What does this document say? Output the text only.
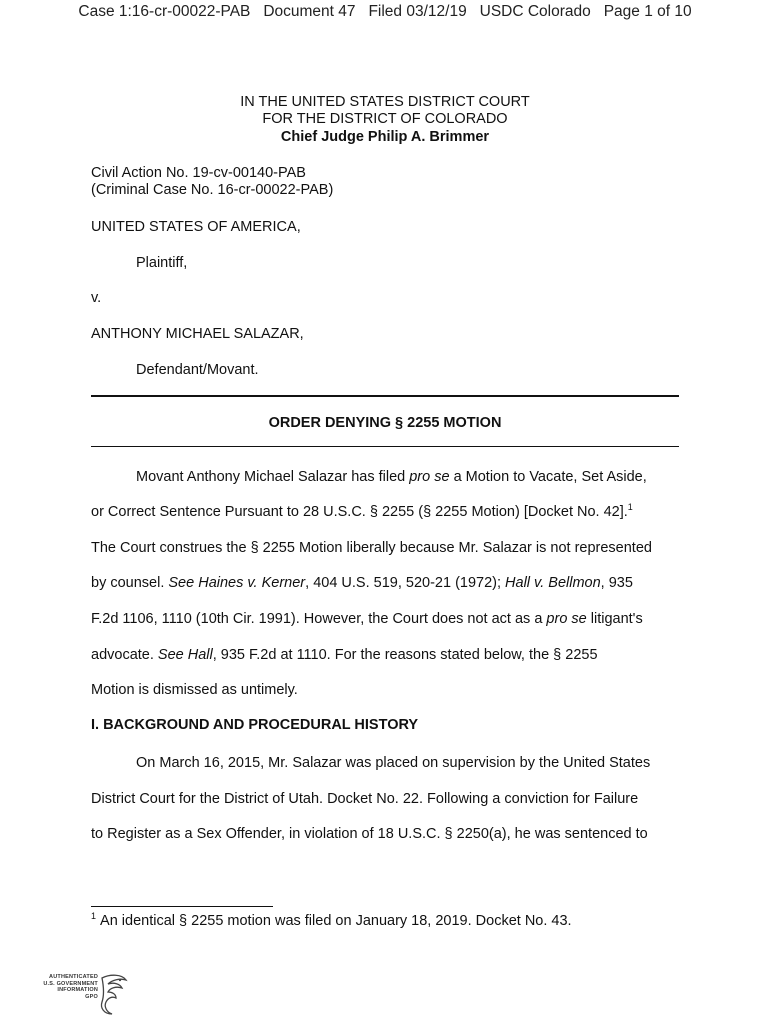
Case 1:16-cr-00022-PAB Document 47 Filed 03/12/19 USDC Colorado Page 1 of 10
IN THE UNITED STATES DISTRICT COURT
FOR THE DISTRICT OF COLORADO
Chief Judge Philip A. Brimmer
Civil Action No. 19-cv-00140-PAB
(Criminal Case No. 16-cr-00022-PAB)
UNITED STATES OF AMERICA,
Plaintiff,
v.
ANTHONY MICHAEL SALAZAR,
Defendant/Movant.
ORDER DENYING § 2255 MOTION
Movant Anthony Michael Salazar has filed pro se a Motion to Vacate, Set Aside,
or Correct Sentence Pursuant to 28 U.S.C. § 2255 (§ 2255 Motion) [Docket No. 42].$^1$
The Court construes the § 2255 Motion liberally because Mr. Salazar is not represented
by counsel. See Haines v. Kerner, 404 U.S. 519, 520-21 (1972); Hall v. Bellmon, 935
F.2d 1106, 1110 (10th Cir. 1991). However, the Court does not act as a pro se litigant's
advocate. See Hall, 935 F.2d at 1110. For the reasons stated below, the § 2255
Motion is dismissed as untimely.
I. BACKGROUND AND PROCEDURAL HISTORY
On March 16, 2015, Mr. Salazar was placed on supervision by the United States
District Court for the District of Utah. Docket No. 22. Following a conviction for Failure
to Register as a Sex Offender, in violation of 18 U.S.C. § 2250(a), he was sentenced to
$^1$ An identical § 2255 motion was filed on January 18, 2019. Docket No. 43.
AUTHENTICATED
U.S. GOVERNMENT
INFORMATION
GPO
